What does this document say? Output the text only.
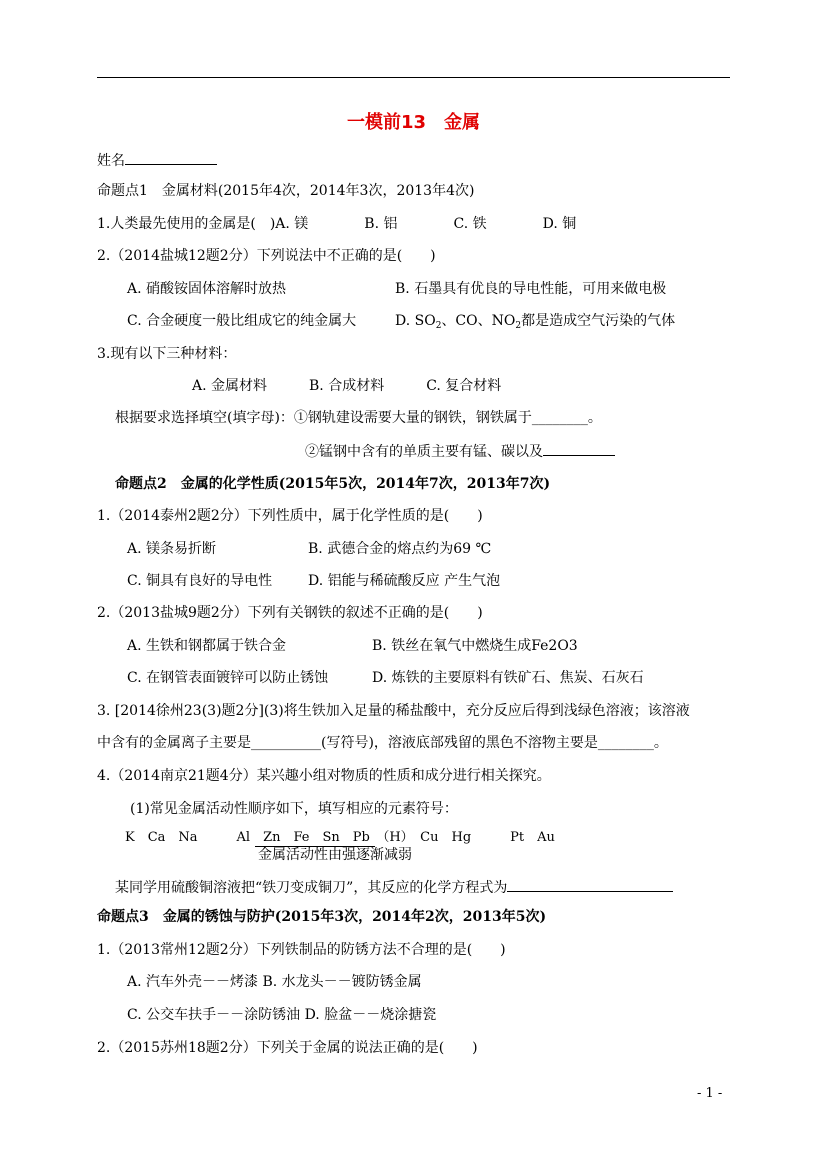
一模前13　金属
姓名
命题点1　金属材料(2015年4次，2014年3次，2013年4次)
1.人类最先使用的金属是(　)A. 镁　　　　B. 铝　　　　C. 铁　　　　D. 铜
2.（2014盐城12题2分）下列说法中不正确的是(　　)
A. 硝酸铵固体溶解时放热	B. 石墨具有优良的导电性能，可用来做电极
C. 合金硬度一般比组成它的纯金属大	D. $SO_2$、CO、$NO_2$都是造成空气污染的气体
3.现有以下三种材料：
A. 金属材料　　　B. 合成材料　　　C. 复合材料
根据要求选择填空(填字母)：①钢轨建设需要大量的钢铁，钢铁属于________。
②锰钢中含有的单质主要有锰、碳以及
命题点2　金属的化学性质(2015年5次，2014年7次，2013年7次)
1.（2014泰州2题2分）下列性质中，属于化学性质的是(　　)
A. 镁条易折断	B. 武德合金的熔点约为69 ℃
C. 铜具有良好的导电性	D. 铝能与稀硫酸反应 产生气泡
2.（2013盐城9题2分）下列有关钢铁的叙述不正确的是(　　)
A. 生铁和钢都属于铁合金	B. 铁丝在氧气中燃烧生成Fe2O3
C. 在钢管表面镀锌可以防止锈蚀	D. 炼铁的主要原料有铁矿石、焦炭、石灰石
3. [2014徐州23(3)题2分](3)将生铁加入足量的稀盐酸中，充分反应后得到浅绿色溶液；该溶液
中含有的金属离子主要是__________(写符号)，溶液底部残留的黑色不溶物主要是________。
4.（2014南京21题4分）某兴趣小组对物质的性质和成分进行相关探究。
(1)常见金属活动性顺序如下，填写相应的元素符号：
K　Ca　Na　　　Al　Zn　Fe　Sn　Pb　（H）　Cu　Hg　　　Pt　Au
金属活动性由强逐渐减弱
某同学用硫酸铜溶液把“铁刀变成铜刀”，其反应的化学方程式为
命题点3　金属的锈蚀与防护(2015年3次，2014年2次，2013年5次)
1.（2013常州12题2分）下列铁制品的防锈方法不合理的是(　　)
A. 汽车外壳－－烤漆 B. 水龙头－－镀防锈金属
C. 公交车扶手－－涂防锈油 D. 脸盆－－烧涂搪瓷
2.（2015苏州18题2分）下列关于金属的说法正确的是(　　)
- 1 -
